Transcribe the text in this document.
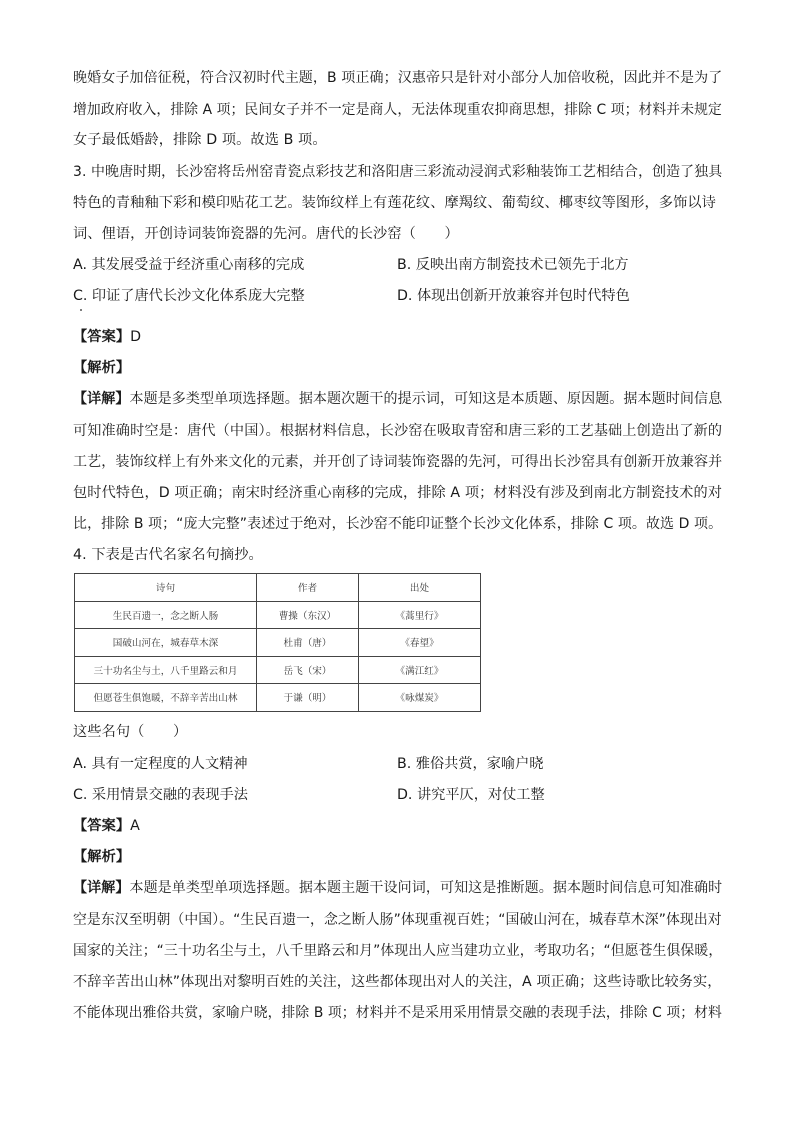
晚婚女子加倍征税，符合汉初时代主题，B 项正确；汉惠帝只是针对小部分人加倍收税，因此并不是为了
增加政府收入，排除 A 项；民间女子并不一定是商人，无法体现重农抑商思想，排除 C 项；材料并未规定
女子最低婚龄，排除 D 项。故选 B 项。
3. 中晚唐时期，长沙窑将岳州窑青瓷点彩技艺和洛阳唐三彩流动浸润式彩釉装饰工艺相结合，创造了独具
特色的青釉釉下彩和模印贴花工艺。装饰纹样上有莲花纹、摩羯纹、葡萄纹、椰枣纹等图形，多饰以诗
词、俚语，开创诗词装饰瓷器的先河。唐代的长沙窑（　　）
A. 其发展受益于经济重心南移的完成	B. 反映出南方制瓷技术已领先于北方
C. 印证了唐代长沙文化体系庞大完整	D. 体现出创新开放兼容并包时代特色
【答案】D
【解析】
【详解】本题是多类型单项选择题。据本题次题干的提示词，可知这是本质题、原因题。据本题时间信息
可知准确时空是：唐代（中国）。根据材料信息，长沙窑在吸取青窑和唐三彩的工艺基础上创造出了新的
工艺，装饰纹样上有外来文化的元素，并开创了诗词装饰瓷器的先河，可得出长沙窑具有创新开放兼容并
包时代特色，D 项正确；南宋时经济重心南移的完成，排除 A 项；材料没有涉及到南北方制瓷技术的对
比，排除 B 项；“庞大完整”表述过于绝对，长沙窑不能印证整个长沙文化体系，排除 C 项。故选 D 项。
4. 下表是古代名家名句摘抄。
诗句	作者	出处
生民百遗一，念之断人肠	曹操（东汉）	《蒿里行》
国破山河在，城春草木深	杜甫（唐）	《春望》
三十功名尘与土，八千里路云和月	岳飞（宋）	《满江红》
但愿苍生俱饱暖，不辞辛苦出山林	于谦（明）	《咏煤炭》
这些名句（　　）
A. 具有一定程度的人文精神	B. 雅俗共赏，家喻户晓
C. 采用情景交融的表现手法	D. 讲究平仄，对仗工整
【答案】A
【解析】
【详解】本题是单类型单项选择题。据本题主题干设问词，可知这是推断题。据本题时间信息可知准确时
空是东汉至明朝（中国）。“生民百遗一，念之断人肠”体现重视百姓；“国破山河在，城春草木深”体现出对
国家的关注；“三十功名尘与土，八千里路云和月”体现出人应当建功立业，考取功名；“但愿苍生俱保暖，
不辞辛苦出山林”体现出对黎明百姓的关注，这些都体现出对人的关注，A 项正确；这些诗歌比较务实，
不能体现出雅俗共赏，家喻户晓，排除 B 项；材料并不是采用采用情景交融的表现手法，排除 C 项；材料
